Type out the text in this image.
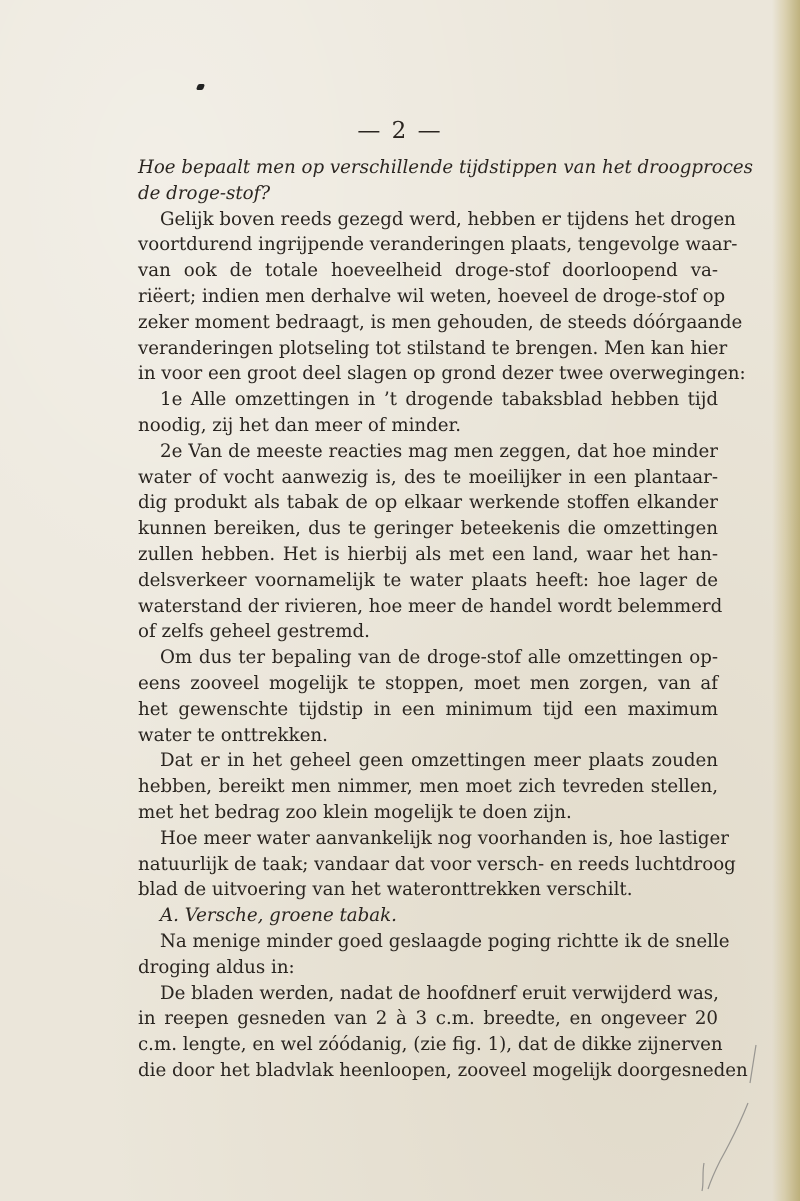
— 2 —
Hoe bepaalt men op verschillende tijdstippen van het droogproces
de droge-stof?
Gelijk boven reeds gezegd werd, hebben er tijdens het drogen
voortdurend ingrijpende veranderingen plaats, tengevolge waar-
van ook de totale hoeveelheid droge-stof doorloopend va-
riëert; indien men derhalve wil weten, hoeveel de droge-stof op
zeker moment bedraagt, is men gehouden, de steeds dóórgaande
veranderingen plotseling tot stilstand te brengen. Men kan hier
in voor een groot deel slagen op grond dezer twee overwegingen:
1e Alle omzettingen in ’t drogende tabaksblad hebben tijd
noodig, zij het dan meer of minder.
2e Van de meeste reacties mag men zeggen, dat hoe minder
water of vocht aanwezig is, des te moeilijker in een plantaar-
dig produkt als tabak de op elkaar werkende stoffen elkander
kunnen bereiken, dus te geringer beteekenis die omzettingen
zullen hebben. Het is hierbij als met een land, waar het han-
delsverkeer voornamelijk te water plaats heeft: hoe lager de
waterstand der rivieren, hoe meer de handel wordt belemmerd
of zelfs geheel gestremd.
Om dus ter bepaling van de droge-stof alle omzettingen op-
eens zooveel mogelijk te stoppen, moet men zorgen, van af
het gewenschte tijdstip in een minimum tijd een maximum
water te onttrekken.
Dat er in het geheel geen omzettingen meer plaats zouden
hebben, bereikt men nimmer, men moet zich tevreden stellen,
met het bedrag zoo klein mogelijk te doen zijn.
Hoe meer water aanvankelijk nog voorhanden is, hoe lastiger
natuurlijk de taak; vandaar dat voor versch- en reeds luchtdroog
blad de uitvoering van het wateronttrekken verschilt.
A. Versche, groene tabak.
Na menige minder goed geslaagde poging richtte ik de snelle
droging aldus in:
De bladen werden, nadat de hoofdnerf eruit verwijderd was,
in reepen gesneden van 2 à 3 c.m. breedte, en ongeveer 20
c.m. lengte, en wel zóódanig, (zie fig. 1), dat de dikke zijnerven
die door het bladvlak heenloopen, zooveel mogelijk doorgesneden
